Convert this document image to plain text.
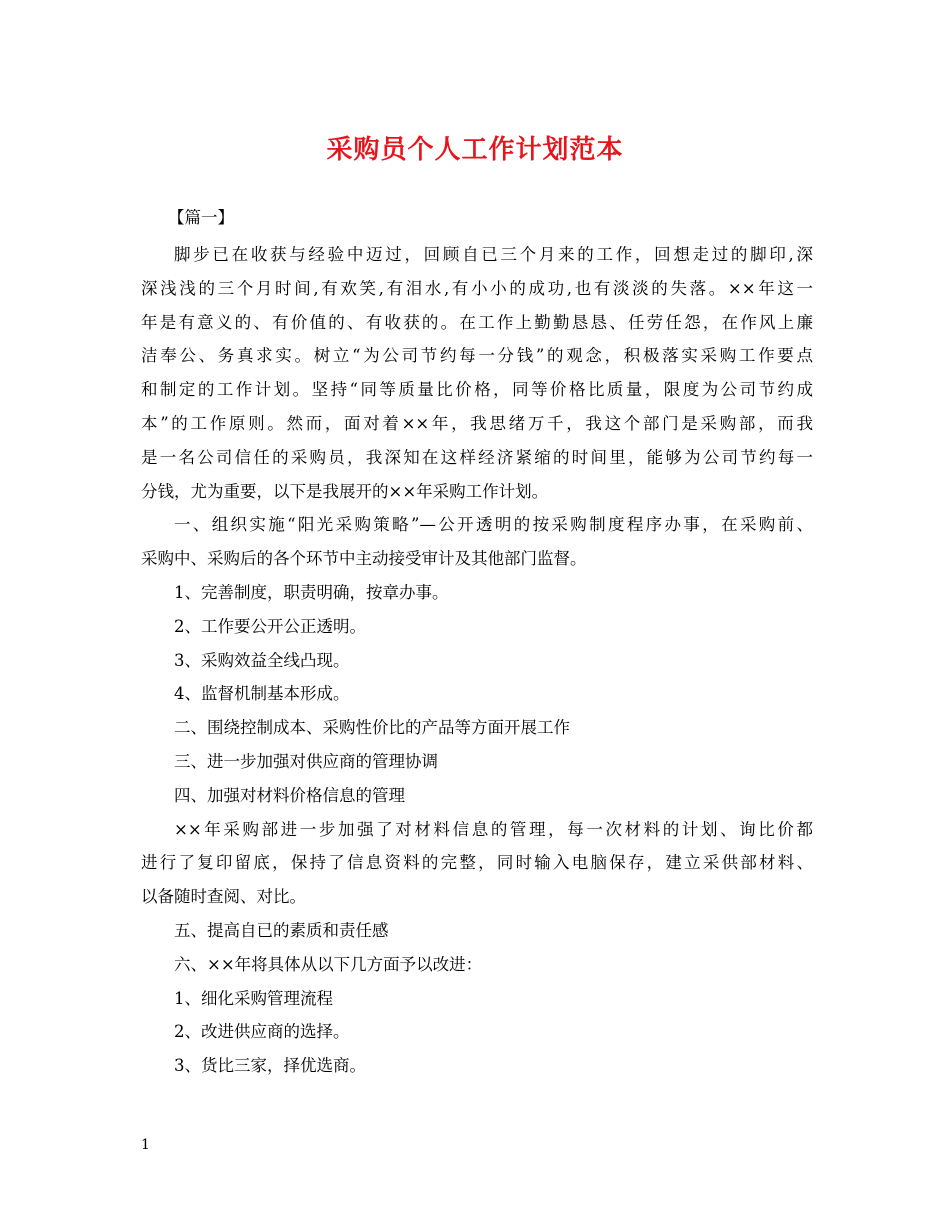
采购员个人工作计划范本
【篇一】
脚步已在收获与经验中迈过，回顾自已三个月来的工作，回想走过的脚印,深
深浅浅的三个月时间,有欢笑,有泪水,有小小的成功,也有淡淡的失落。××年这一
年是有意义的、有价值的、有收获的。在工作上勤勤恳恳、任劳任怨，在作风上廉
洁奉公、务真求实。树立“为公司节约每一分钱”的观念，积极落实采购工作要点
和制定的工作计划。坚持“同等质量比价格，同等价格比质量，限度为公司节约成
本”的工作原则。然而，面对着××年，我思绪万千，我这个部门是采购部，而我
是一名公司信任的采购员，我深知在这样经济紧缩的时间里，能够为公司节约每一
分钱，尤为重要，以下是我展开的××年采购工作计划。
一、组织实施“阳光采购策略”—公开透明的按采购制度程序办事，在采购前、
采购中、采购后的各个环节中主动接受审计及其他部门监督。
1、完善制度，职责明确，按章办事。
2、工作要公开公正透明。
3、采购效益全线凸现。
4、监督机制基本形成。
二、围绕控制成本、采购性价比的产品等方面开展工作
三、进一步加强对供应商的管理协调
四、加强对材料价格信息的管理
××年采购部进一步加强了对材料信息的管理，每一次材料的计划、询比价都
进行了复印留底，保持了信息资料的完整，同时输入电脑保存，建立采供部材料、
以备随时查阅、对比。
五、提高自已的素质和责任感
六、××年将具体从以下几方面予以改进：
1、细化采购管理流程
2、改进供应商的选择。
3、货比三家，择优选商。
1
